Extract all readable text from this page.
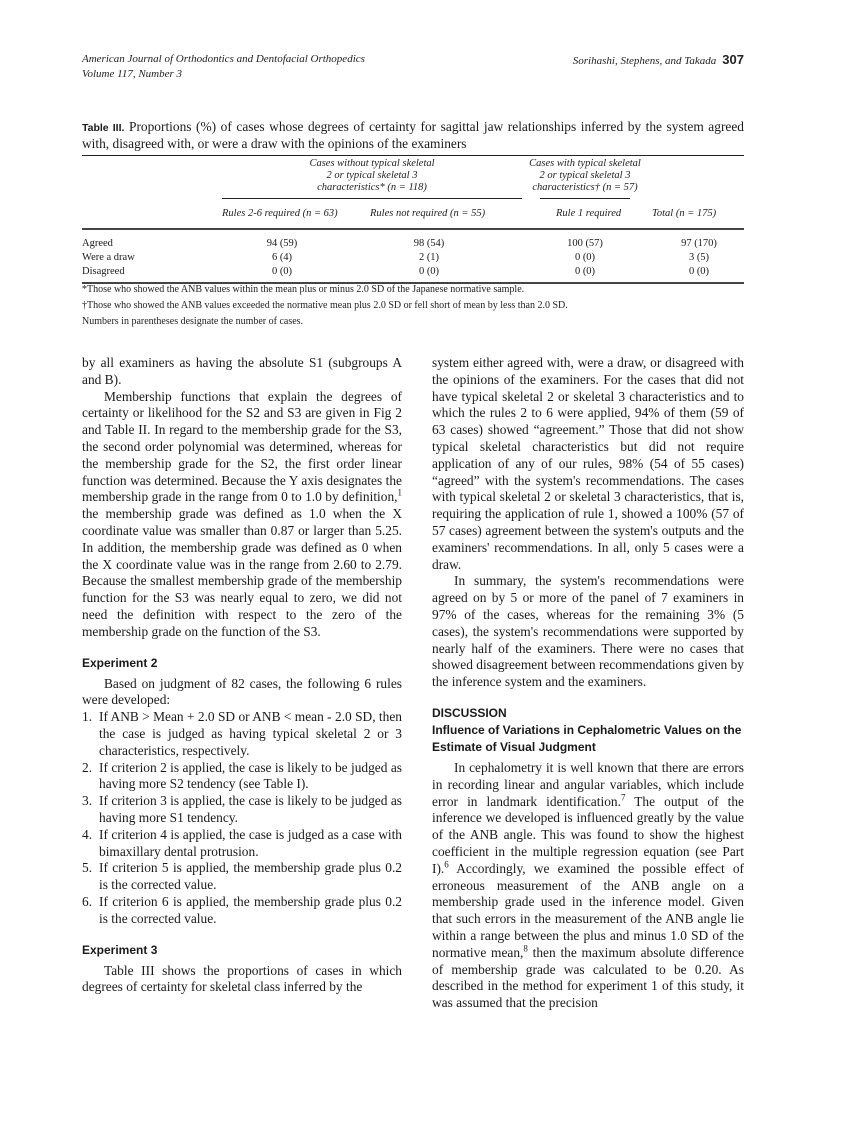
American Journal of Orthodontics and Dentofacial Orthopedics
Volume 117, Number 3
Sorihashi, Stephens, and Takada 307
Table III. Proportions (%) of cases whose degrees of certainty for sagittal jaw relationships inferred by the system agreed with, disagreed with, or were a draw with the opinions of the examiners
Cases without typical skeletal
2 or typical skeletal 3
characteristics* (n = 118)
Cases with typical skeletal
2 or typical skeletal 3
characteristics† (n = 57)
Rules 2-6 required (n = 63)	Rules not required (n = 55)	Rule 1 required	Total (n = 175)
Agreed	94 (59)	98 (54)	100 (57)	97 (170)
Were a draw	6 (4)	2 (1)	0 (0)	3 (5)
Disagreed	0 (0)	0 (0)	0 (0)	0 (0)
*Those who showed the ANB values within the mean plus or minus 2.0 SD of the Japanese normative sample.
†Those who showed the ANB values exceeded the normative mean plus 2.0 SD or fell short of mean by less than 2.0 SD.
Numbers in parentheses designate the number of cases.

by all examiners as having the absolute S1 (subgroups A and B).

Membership functions that explain the degrees of certainty or likelihood for the S2 and S3 are given in Fig 2 and Table II. In regard to the membership grade for the S3, the second order polynomial was determined, whereas for the membership grade for the S2, the first order linear function was determined. Because the Y axis designates the membership grade in the range from 0 to 1.0 by definition,$^1$ the membership grade was defined as 1.0 when the X coordinate value was smaller than 0.87 or larger than 5.25. In addition, the membership grade was defined as 0 when the X coordinate value was in the range from 2.60 to 2.79. Because the smallest membership grade of the membership function for the S3 was nearly equal to zero, we did not need the definition with respect to the zero of the membership grade on the function of the S3.

Experiment 2

Based on judgment of 82 cases, the following 6 rules were developed:

1. If ANB > Mean + 2.0 SD or ANB < mean - 2.0 SD, then the case is judged as having typical skeletal 2 or 3 characteristics, respectively.
2. If criterion 2 is applied, the case is likely to be judged as having more S2 tendency (see Table I).
3. If criterion 3 is applied, the case is likely to be judged as having more S1 tendency.
4. If criterion 4 is applied, the case is judged as a case with bimaxillary dental protrusion.
5. If criterion 5 is applied, the membership grade plus 0.2 is the corrected value.
6. If criterion 6 is applied, the membership grade plus 0.2 is the corrected value.
Experiment 3

Table III shows the proportions of cases in which degrees of certainty for skeletal class inferred by the

system either agreed with, were a draw, or disagreed with the opinions of the examiners. For the cases that did not have typical skeletal 2 or skeletal 3 characteristics and to which the rules 2 to 6 were applied, 94% of them (59 of 63 cases) showed “agreement.” Those that did not show typical skeletal characteristics but did not require application of any of our rules, 98% (54 of 55 cases) “agreed” with the system's recommendations. The cases with typical skeletal 2 or skeletal 3 characteristics, that is, requiring the application of rule 1, showed a 100% (57 of 57 cases) agreement between the system's outputs and the examiners' recommendations. In all, only 5 cases were a draw.

In summary, the system's recommendations were agreed on by 5 or more of the panel of 7 examiners in 97% of the cases, whereas for the remaining 3% (5 cases), the system's recommendations were supported by nearly half of the examiners. There were no cases that showed disagreement between recommendations given by the inference system and the examiners.

DISCUSSION
Influence of Variations in Cephalometric Values on the Estimate of Visual Judgment

In cephalometry it is well known that there are errors in recording linear and angular variables, which include error in landmark identification.$^7$ The output of the inference we developed is influenced greatly by the value of the ANB angle. This was found to show the highest coefficient in the multiple regression equation (see Part I).$^6$ Accordingly, we examined the possible effect of erroneous measurement of the ANB angle on a membership grade used in the inference model. Given that such errors in the measurement of the ANB angle lie within a range between the plus and minus 1.0 SD of the normative mean,$^8$ then the maximum absolute difference of membership grade was calculated to be 0.20. As described in the method for experiment 1 of this study, it was assumed that the precision
